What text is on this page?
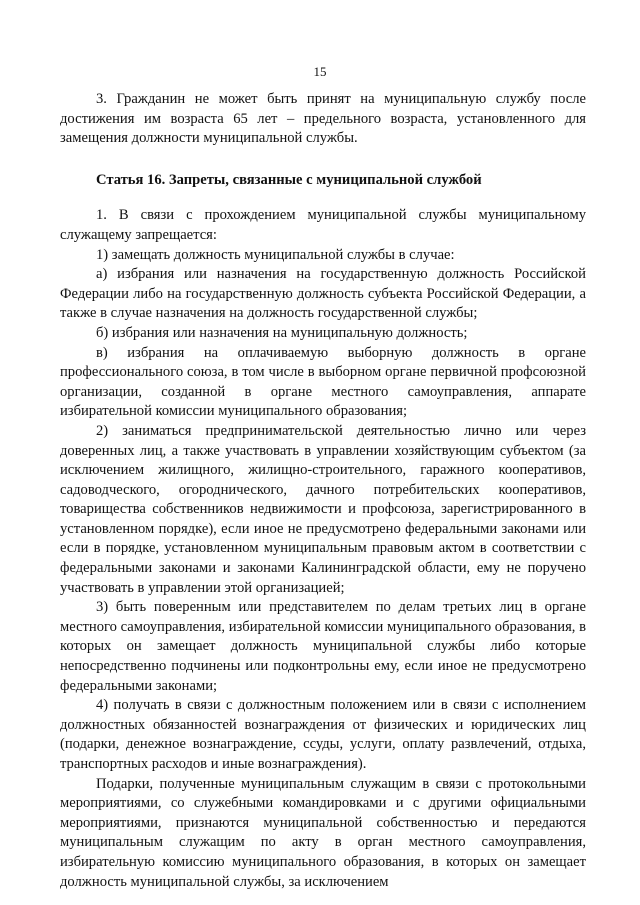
15

3. Гражданин не может быть принят на муниципальную службу после достижения им возраста 65 лет – предельного возраста, установленного для замещения должности муниципальной службы.

Статья 16. Запреты, связанные с муниципальной службой

1. В связи с прохождением муниципальной службы муниципальному служащему запрещается:

1) замещать должность муниципальной службы в случае:

а) избрания или назначения на государственную должность Российской Федерации либо на государственную должность субъекта Российской Федерации, а также в случае назначения на должность государственной службы;

б) избрания или назначения на муниципальную должность;

в) избрания на оплачиваемую выборную должность в органе профессионального союза, в том числе в выборном органе первичной профсоюзной организации, созданной в органе местного самоуправления, аппарате избирательной комиссии муниципального образования;

2) заниматься предпринимательской деятельностью лично или через доверенных лиц, а также участвовать в управлении хозяйствующим субъектом (за исключением жилищного, жилищно-строительного, гаражного кооперативов, садоводческого, огороднического, дачного потребительских кооперативов, товарищества собственников недвижимости и профсоюза, зарегистрированного в установленном порядке), если иное не предусмотрено федеральными законами или если в порядке, установленном муниципальным правовым актом в соответствии с федеральными законами и законами Калининградской области, ему не поручено участвовать в управлении этой организацией;

3) быть поверенным или представителем по делам третьих лиц в органе местного самоуправления, избирательной комиссии муниципального образования, в которых он замещает должность муниципальной службы либо которые непосредственно подчинены или подконтрольны ему, если иное не предусмотрено федеральными законами;

4) получать в связи с должностным положением или в связи с исполнением должностных обязанностей вознаграждения от физических и юридических лиц (подарки, денежное вознаграждение, ссуды, услуги, оплату развлечений, отдыха, транспортных расходов и иные вознаграждения).

Подарки, полученные муниципальным служащим в связи с протокольными мероприятиями, со служебными командировками и с другими официальными мероприятиями, признаются муниципальной собственностью и передаются муниципальным служащим по акту в орган местного самоуправления, избирательную комиссию муниципального образования, в которых он замещает должность муниципальной службы, за исключением
